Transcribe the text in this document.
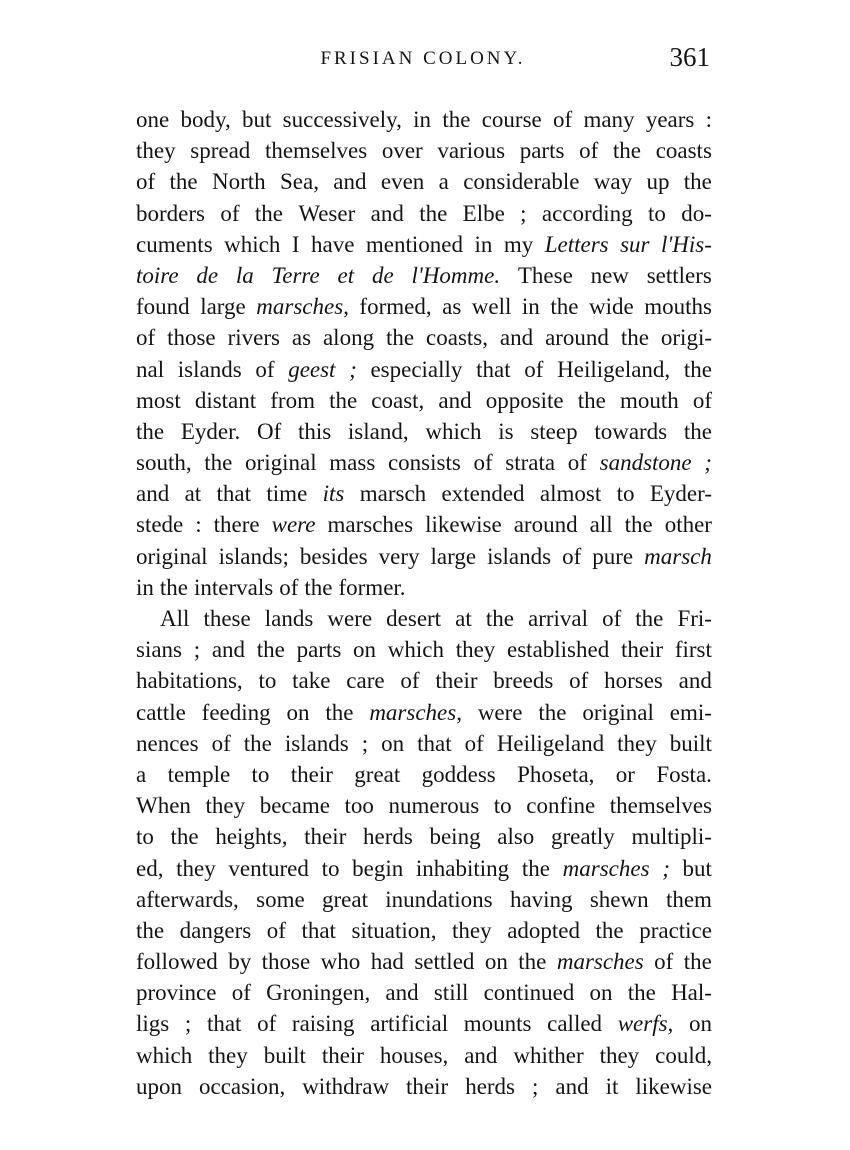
FRISIAN COLONY.	361
one body, but successively, in the course of many years :
they spread themselves over various parts of the coasts
of the North Sea, and even a considerable way up the
borders of the Weser and the Elbe ; according to do-
cuments which I have mentioned in my Letters sur l'His-
toire de la Terre et de l'Homme. These new settlers
found large marsches, formed, as well in the wide mouths
of those rivers as along the coasts, and around the origi-
nal islands of geest ; especially that of Heiligeland, the
most distant from the coast, and opposite the mouth of
the Eyder. Of this island, which is steep towards the
south, the original mass consists of strata of sandstone ;
and at that time its marsch extended almost to Eyder-
stede : there were marsches likewise around all the other
original islands; besides very large islands of pure marsch
in the intervals of the former.
All these lands were desert at the arrival of the Fri-
sians ; and the parts on which they established their first
habitations, to take care of their breeds of horses and
cattle feeding on the marsches, were the original emi-
nences of the islands ; on that of Heiligeland they built
a temple to their great goddess Phoseta, or Fosta.
When they became too numerous to confine themselves
to the heights, their herds being also greatly multipli-
ed, they ventured to begin inhabiting the marsches ; but
afterwards, some great inundations having shewn them
the dangers of that situation, they adopted the practice
followed by those who had settled on the marsches of the
province of Groningen, and still continued on the Hal-
ligs ; that of raising artificial mounts called werfs, on
which they built their houses, and whither they could,
upon occasion, withdraw their herds ; and it likewise
